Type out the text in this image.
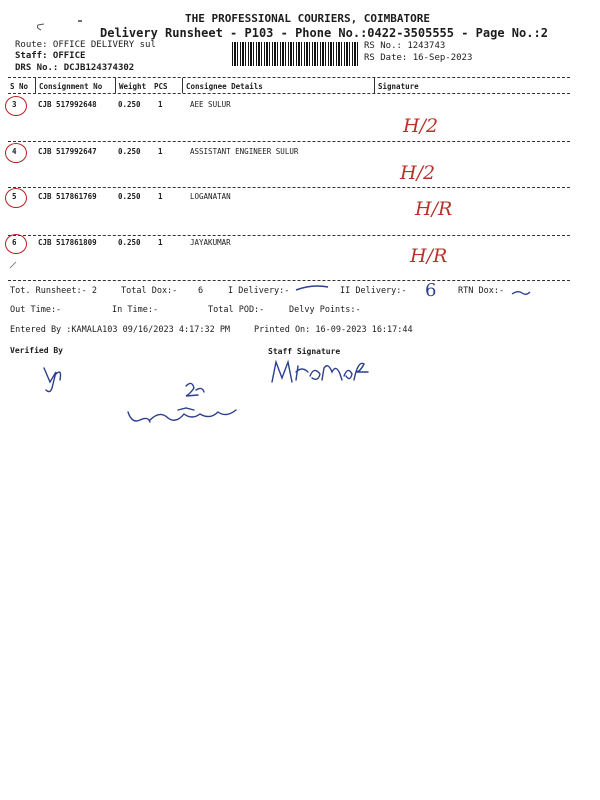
THE PROFESSIONAL COURIERS, COIMBATORE
Delivery Runsheet - P103 - Phone No.:0422-3505555 - Page No.:2
Route: OFFICE DELIVERY sul
Staff: OFFICE
DRS No.: DCJB124374302
RS No.: 1243743
RS Date: 16-Sep-2023
S No Consignment No Weight PCS Consignee Details	Signature
3	CJB 517992648	0.250 1	AEE SULUR
H/2
4	CJB 517992647	0.250 1	ASSISTANT ENGINEER SULUR
H/2
5	CJB 517861769	0.250 1	LOGANATAN
H/R
6	CJB 517861809	0.250 1	JAYAKUMAR
H/R
Tot. Runsheet:- 2	Total Dox:- 6	I Delivery:-	II Delivery:- 6	RTN Dox:-
Out Time:-	In Time:-	Total POD:-	Delvy Points:-
Entered By :KAMALA103 09/16/2023 4:17:32 PM	Printed On: 16-09-2023 16:17:44
Verified By	Staff Signature
